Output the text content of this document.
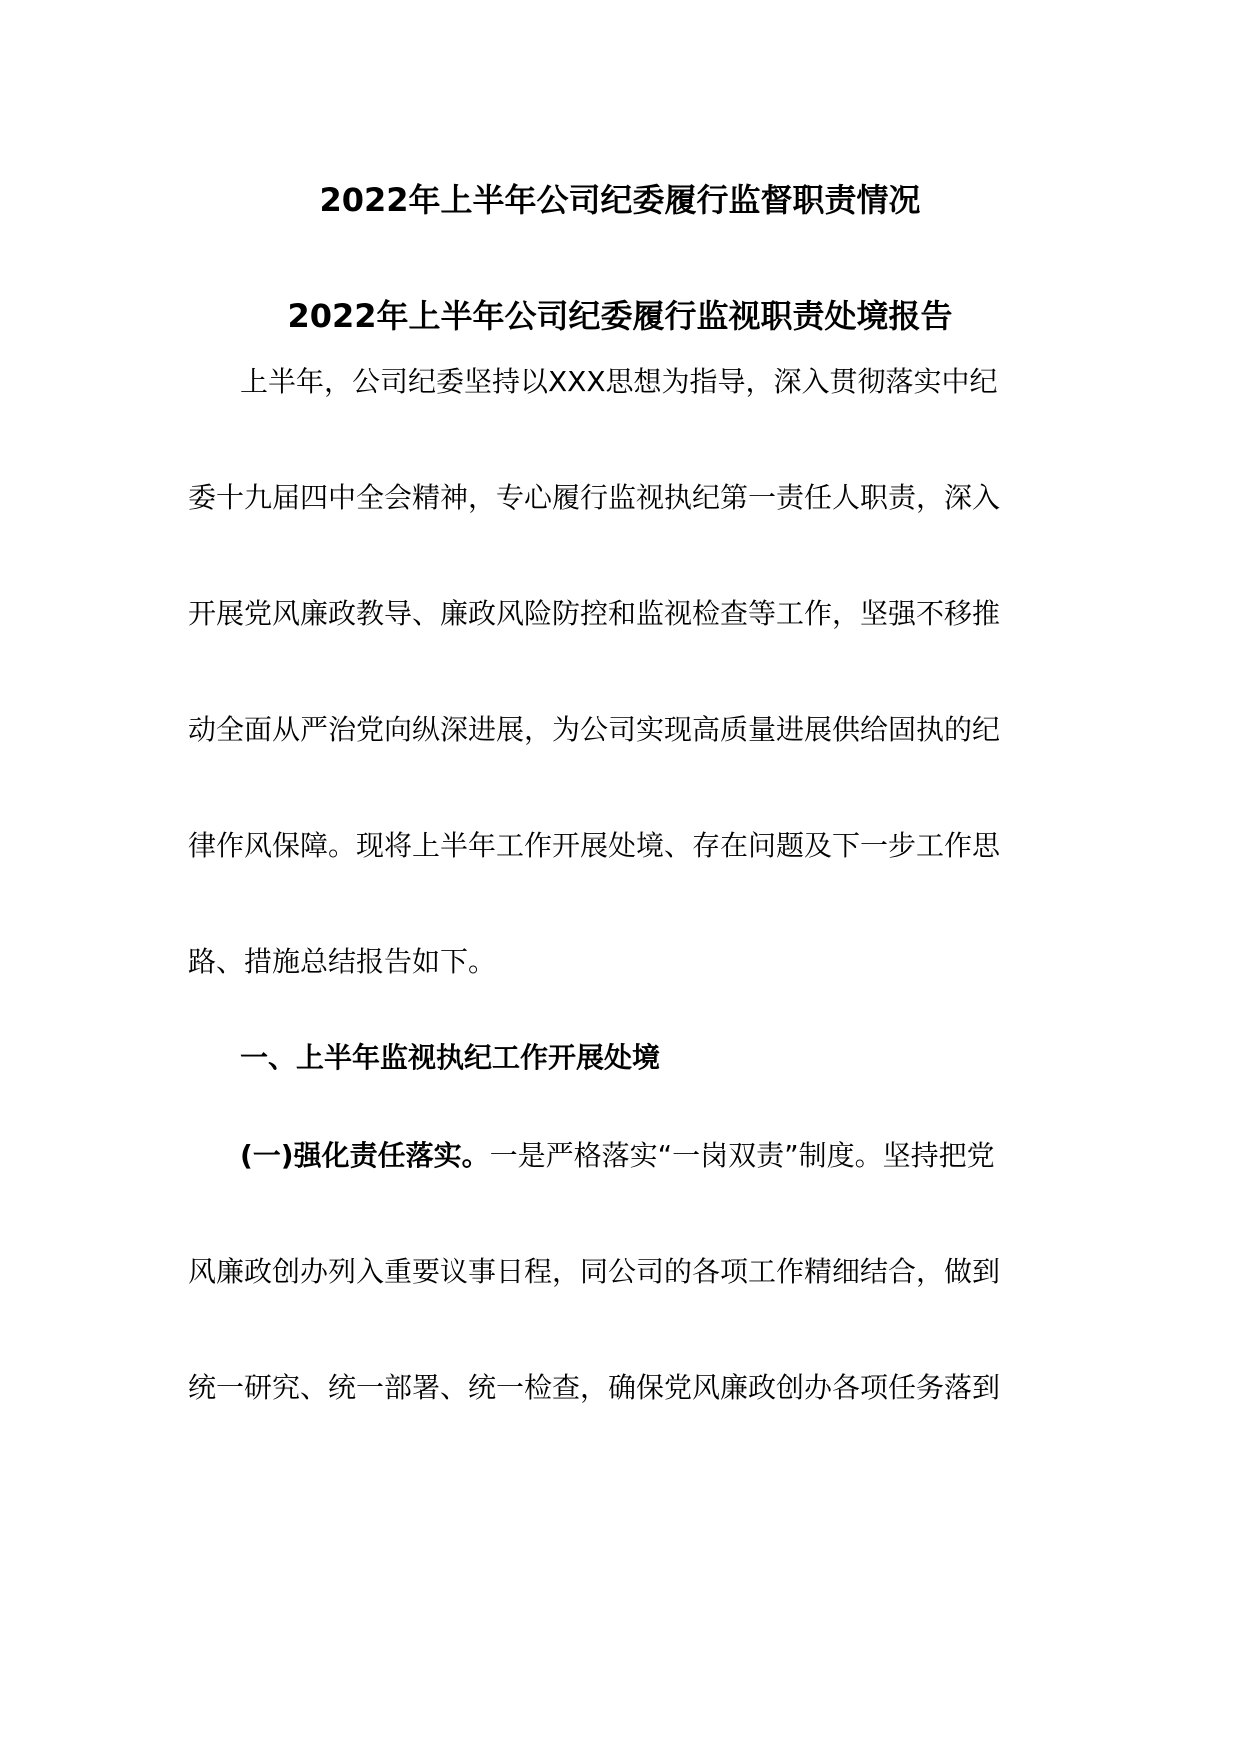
2022年上半年公司纪委履行监督职责情况
2022年上半年公司纪委履行监视职责处境报告
上半年，公司纪委坚持以XXX思想为指导，深入贯彻落实中纪
委十九届四中全会精神，专心履行监视执纪第一责任人职责，深入
开展党风廉政教导、廉政风险防控和监视检查等工作，坚强不移推
动全面从严治党向纵深进展，为公司实现高质量进展供给固执的纪
律作风保障。现将上半年工作开展处境、存在问题及下一步工作思
路、措施总结报告如下。
一、上半年监视执纪工作开展处境
(一)强化责任落实。一是严格落实“一岗双责”制度。坚持把党
风廉政创办列入重要议事日程，同公司的各项工作精细结合，做到
统一研究、统一部署、统一检查，确保党风廉政创办各项任务落到
